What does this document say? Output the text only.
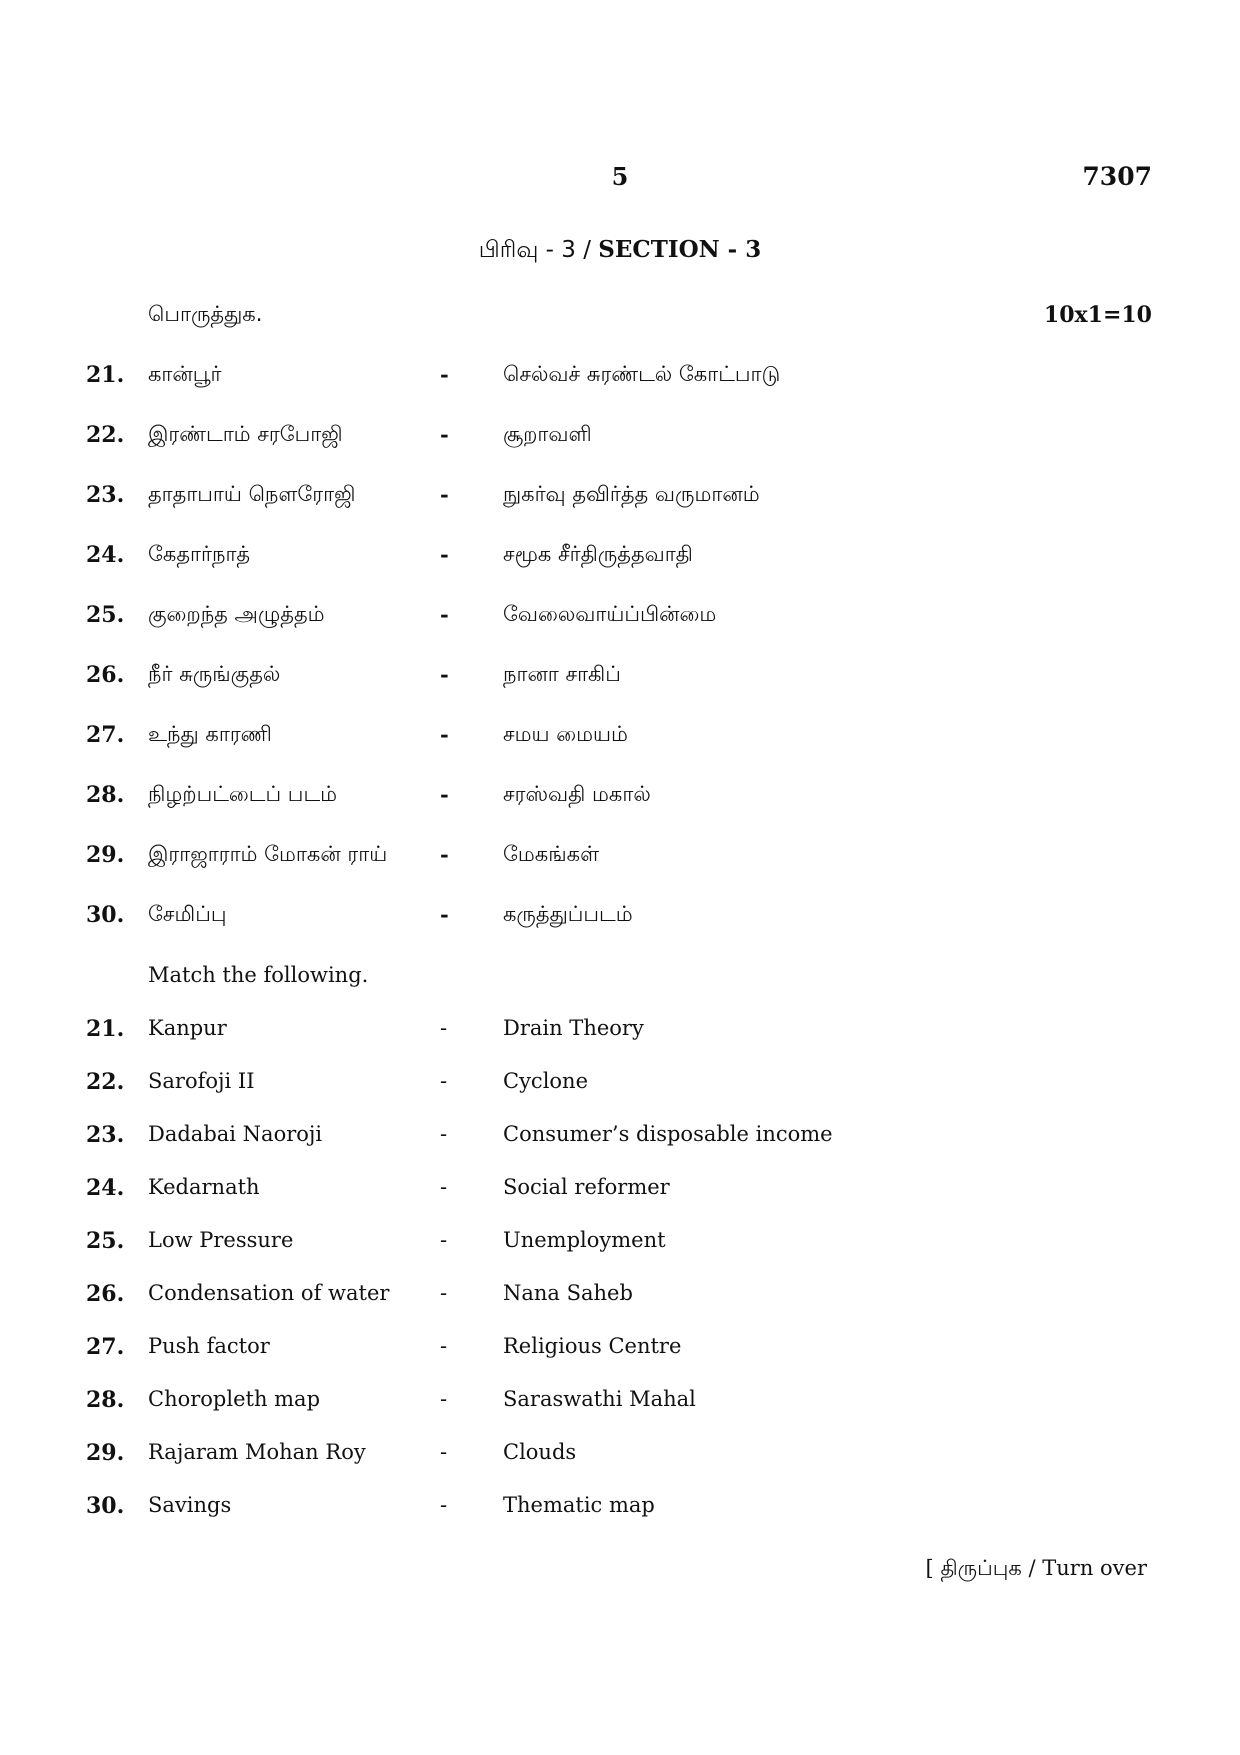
5	7307
பிரிவு - 3 / SECTION - 3
பொருத்துக.	10x1=10
21. கான்பூர்	-	செல்வச் சுரண்டல் கோட்பாடு
22. இரண்டாம் சரபோஜி	-	சூறாவளி
23. தாதாபாய் நௌரோஜி	-	நுகர்வு தவிர்த்த வருமானம்
24. கேதார்நாத்	-	சமூக சீர்திருத்தவாதி
25. குறைந்த அழுத்தம்	-	வேலைவாய்ப்பின்மை
26. நீர் சுருங்குதல்	-	நானா சாகிப்
27. உந்து காரணி	-	சமய மையம்
28. நிழற்பட்டைப் படம்	-	சரஸ்வதி மகால்
29. இராஜாராம் மோகன் ராய்	-	மேகங்கள்
30. சேமிப்பு	-	கருத்துப்படம்
Match the following.
21. Kanpur	-	Drain Theory
22. Sarofoji II	-	Cyclone
23. Dadabai Naoroji	-	Consumer’s disposable income
24. Kedarnath	-	Social reformer
25. Low Pressure	-	Unemployment
26. Condensation of water -	Nana Saheb
27. Push factor	-	Religious Centre
28. Choropleth map	-	Saraswathi Mahal
29. Rajaram Mohan Roy	-	Clouds
30. Savings	-	Thematic map
[ திருப்புக / Turn over
